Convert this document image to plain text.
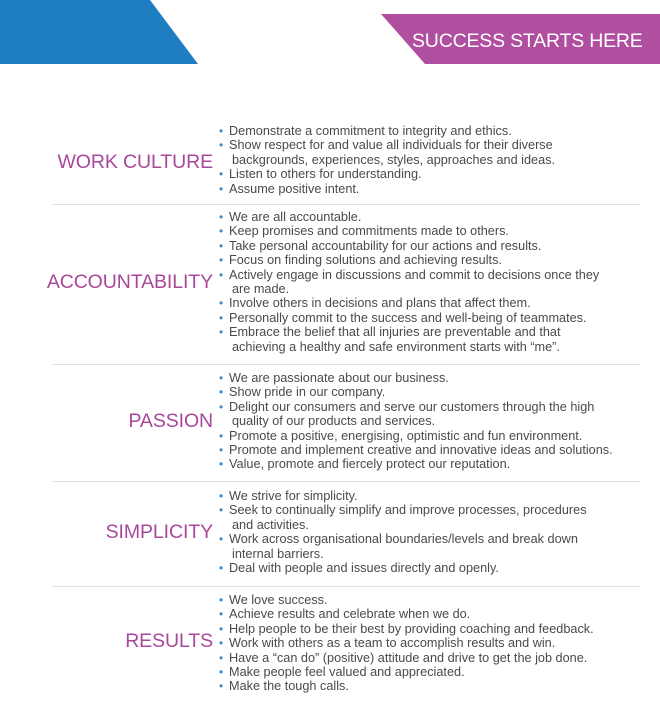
SUCCESS STARTS HERE
WORK CULTURE
• Demonstrate a commitment to integrity and ethics.
• Show respect for and value all individuals for their diverse
backgrounds, experiences, styles, approaches and ideas.
• Listen to others for understanding.
• Assume positive intent.
ACCOUNTABILITY
• We are all accountable.
• Keep promises and commitments made to others.
• Take personal accountability for our actions and results.
• Focus on finding solutions and achieving results.
• Actively engage in discussions and commit to decisions once they
are made.
• Involve others in decisions and plans that affect them.
• Personally commit to the success and well-being of teammates.
• Embrace the belief that all injuries are preventable and that
achieving a healthy and safe environment starts with “me”.
PASSION
• We are passionate about our business.
• Show pride in our company.
• Delight our consumers and serve our customers through the high
quality of our products and services.
• Promote a positive, energising, optimistic and fun environment.
• Promote and implement creative and innovative ideas and solutions.
• Value, promote and fiercely protect our reputation.
SIMPLICITY
• We strive for simplicity.
• Seek to continually simplify and improve processes, procedures
and activities.
• Work across organisational boundaries/levels and break down
internal barriers.
• Deal with people and issues directly and openly.
RESULTS
• We love success.
• Achieve results and celebrate when we do.
• Help people to be their best by providing coaching and feedback.
• Work with others as a team to accomplish results and win.
• Have a “can do” (positive) attitude and drive to get the job done.
• Make people feel valued and appreciated.
• Make the tough calls.
